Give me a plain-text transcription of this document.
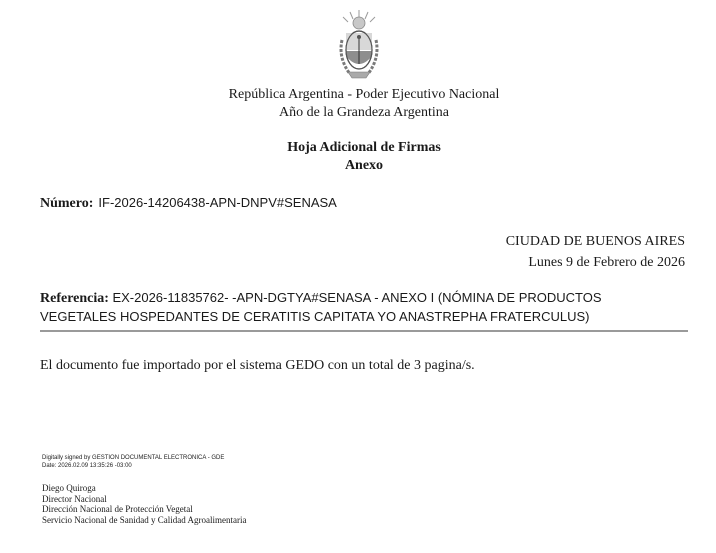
República Argentina - Poder Ejecutivo Nacional
Año de la Grandeza Argentina
Hoja Adicional de Firmas
Anexo
Número: IF-2026-14206438-APN-DNPV#SENASA
CIUDAD DE BUENOS AIRES
Lunes 9 de Febrero de 2026
Referencia: EX-2026-11835762- -APN-DGTYA#SENASA - ANEXO I (NÓMINA DE PRODUCTOS VEGETALES HOSPEDANTES DE CERATITIS CAPITATA YO ANASTREPHA FRATERCULUS)
El documento fue importado por el sistema GEDO con un total de 3 pagina/s.
Digitally signed by GESTION DOCUMENTAL ELECTRONICA - GDE
Date: 2026.02.09 13:35:26 -03:00
Diego Quiroga
Director Nacional
Dirección Nacional de Protección Vegetal
Servicio Nacional de Sanidad y Calidad Agroalimentaria
